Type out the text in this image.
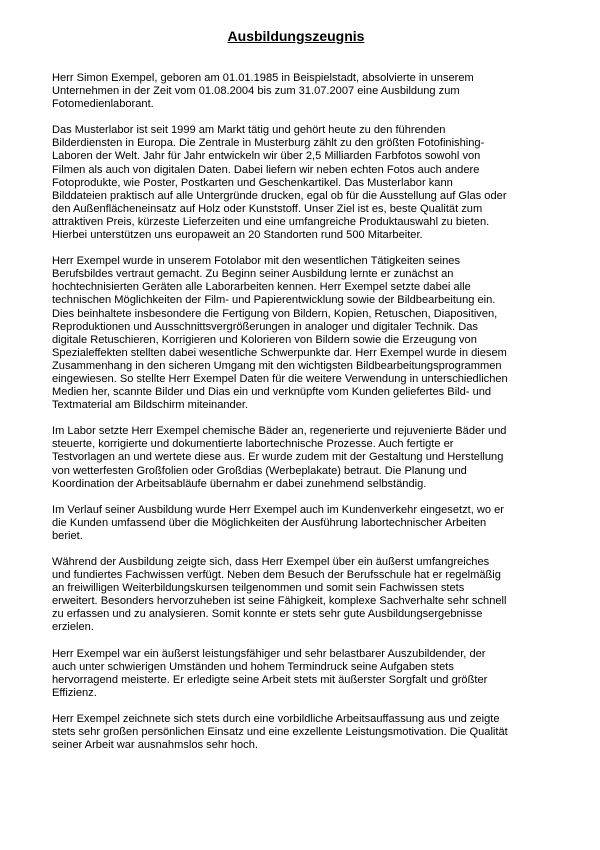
Ausbildungszeugnis

Herr Simon Exempel, geboren am 01.01.1985 in Beispielstadt, absolvierte in unserem
Unternehmen in der Zeit vom 01.08.2004 bis zum 31.07.2007 eine Ausbildung zum
Fotomedienlaborant.

Das Musterlabor ist seit 1999 am Markt tätig und gehört heute zu den führenden
Bilderdiensten in Europa. Die Zentrale in Musterburg zählt zu den größten Fotofinishing-
Laboren der Welt. Jahr für Jahr entwickeln wir über 2,5 Milliarden Farbfotos sowohl von
Filmen als auch von digitalen Daten. Dabei liefern wir neben echten Fotos auch andere
Fotoprodukte, wie Poster, Postkarten und Geschenkartikel. Das Musterlabor kann
Bilddateien praktisch auf alle Untergründe drucken, egal ob für die Ausstellung auf Glas oder
den Außenflächeneinsatz auf Holz oder Kunststoff. Unser Ziel ist es, beste Qualität zum
attraktiven Preis, kürzeste Lieferzeiten und eine umfangreiche Produktauswahl zu bieten.
Hierbei unterstützen uns europaweit an 20 Standorten rund 500 Mitarbeiter.

Herr Exempel wurde in unserem Fotolabor mit den wesentlichen Tätigkeiten seines
Berufsbildes vertraut gemacht. Zu Beginn seiner Ausbildung lernte er zunächst an
hochtechnisierten Geräten alle Laborarbeiten kennen. Herr Exempel setzte dabei alle
technischen Möglichkeiten der Film- und Papierentwicklung sowie der Bildbearbeitung ein.
Dies beinhaltete insbesondere die Fertigung von Bildern, Kopien, Retuschen, Diapositiven,
Reproduktionen und Ausschnittsvergrößerungen in analoger und digitaler Technik. Das
digitale Retuschieren, Korrigieren und Kolorieren von Bildern sowie die Erzeugung von
Spezialeffekten stellten dabei wesentliche Schwerpunkte dar. Herr Exempel wurde in diesem
Zusammenhang in den sicheren Umgang mit den wichtigsten Bildbearbeitungsprogrammen
eingewiesen. So stellte Herr Exempel Daten für die weitere Verwendung in unterschiedlichen
Medien her, scannte Bilder und Dias ein und verknüpfte vom Kunden geliefertes Bild- und
Textmaterial am Bildschirm miteinander.

Im Labor setzte Herr Exempel chemische Bäder an, regenerierte und rejuvenierte Bäder und
steuerte, korrigierte und dokumentierte labortechnische Prozesse. Auch fertigte er
Testvorlagen an und wertete diese aus. Er wurde zudem mit der Gestaltung und Herstellung
von wetterfesten Großfolien oder Großdias (Werbeplakate) betraut. Die Planung und
Koordination der Arbeitsabläufe übernahm er dabei zunehmend selbständig.

Im Verlauf seiner Ausbildung wurde Herr Exempel auch im Kundenverkehr eingesetzt, wo er
die Kunden umfassend über die Möglichkeiten der Ausführung labortechnischer Arbeiten
beriet.

Während der Ausbildung zeigte sich, dass Herr Exempel über ein äußerst umfangreiches
und fundiertes Fachwissen verfügt. Neben dem Besuch der Berufsschule hat er regelmäßig
an freiwilligen Weiterbildungskursen teilgenommen und somit sein Fachwissen stets
erweitert. Besonders hervorzuheben ist seine Fähigkeit, komplexe Sachverhalte sehr schnell
zu erfassen und zu analysieren. Somit konnte er stets sehr gute Ausbildungsergebnisse
erzielen.

Herr Exempel war ein äußerst leistungsfähiger und sehr belastbarer Auszubildender, der
auch unter schwierigen Umständen und hohem Termindruck seine Aufgaben stets
hervorragend meisterte. Er erledigte seine Arbeit stets mit äußerster Sorgfalt und größter
Effizienz.

Herr Exempel zeichnete sich stets durch eine vorbildliche Arbeitsauffassung aus und zeigte
stets sehr großen persönlichen Einsatz und eine exzellente Leistungsmotivation. Die Qualität
seiner Arbeit war ausnahmslos sehr hoch.
